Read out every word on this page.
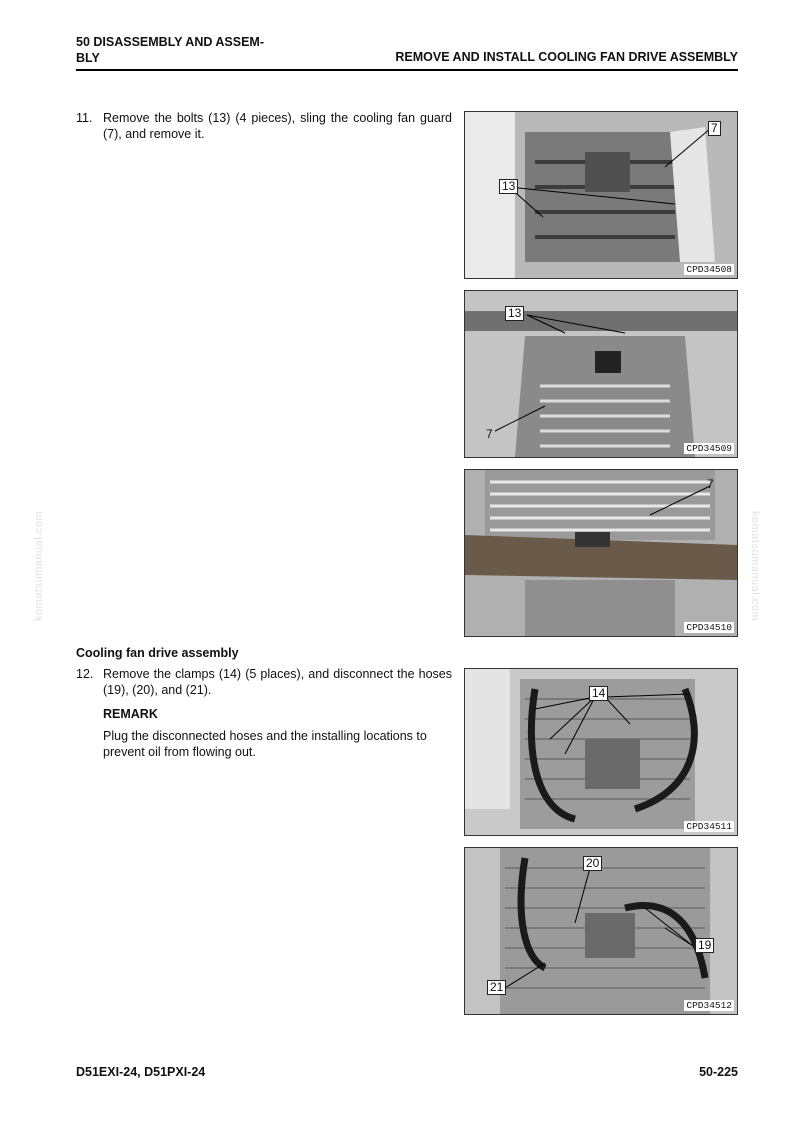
50 DISASSEMBLY AND ASSEM-
BLY	REMOVE AND INSTALL COOLING FAN DRIVE ASSEMBLY
11. Remove the bolts (13) (4 pieces), sling the cooling fan guard (7), and remove it.
Cooling fan drive assembly
12. Remove the clamps (14) (5 places), and disconnect the hoses (19), (20), and (21).
REMARK
Plug the disconnected hoses and the installing locations to prevent oil from flowing out.
7
13
CPD34508
13
7
CPD34509
7
CPD34510
14
CPD34511
20
19
21
CPD34512
komatsumanual.com	komatsumanual.com
D51EXI-24, D51PXI-24	50-225
